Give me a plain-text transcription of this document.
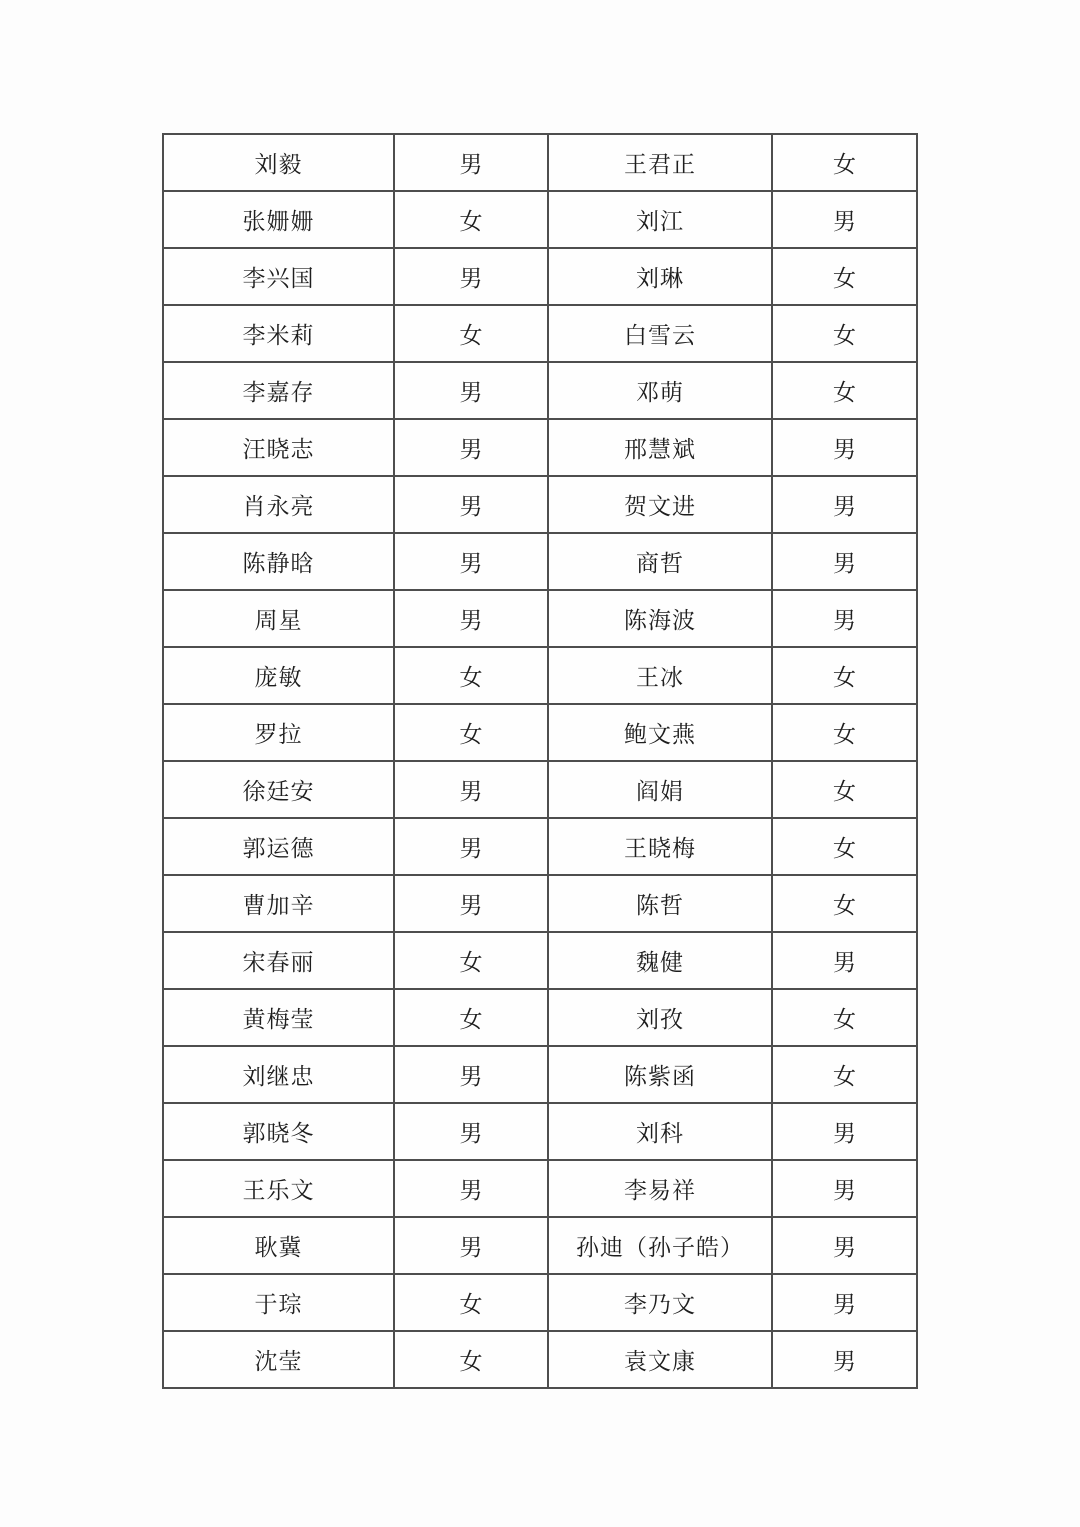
刘毅	男	王君正	女
张姗姗	女	刘江	男
李兴国	男	刘琳	女
李米莉	女	白雪云	女
李嘉存	男	邓萌	女
汪晓志	男	邢慧斌	男
肖永亮	男	贺文进	男
陈静晗	男	商哲	男
周星	男	陈海波	男
庞敏	女	王冰	女
罗拉	女	鲍文燕	女
徐廷安	男	阎娟	女
郭运德	男	王晓梅	女
曹加辛	男	陈哲	女
宋春丽	女	魏健	男
黄梅莹	女	刘孜	女
刘继忠	男	陈紫函	女
郭晓冬	男	刘科	男
王乐文	男	李易祥	男
耿冀	男	孙迪（孙子皓）	男
于琮	女	李乃文	男
沈莹	女	袁文康	男
